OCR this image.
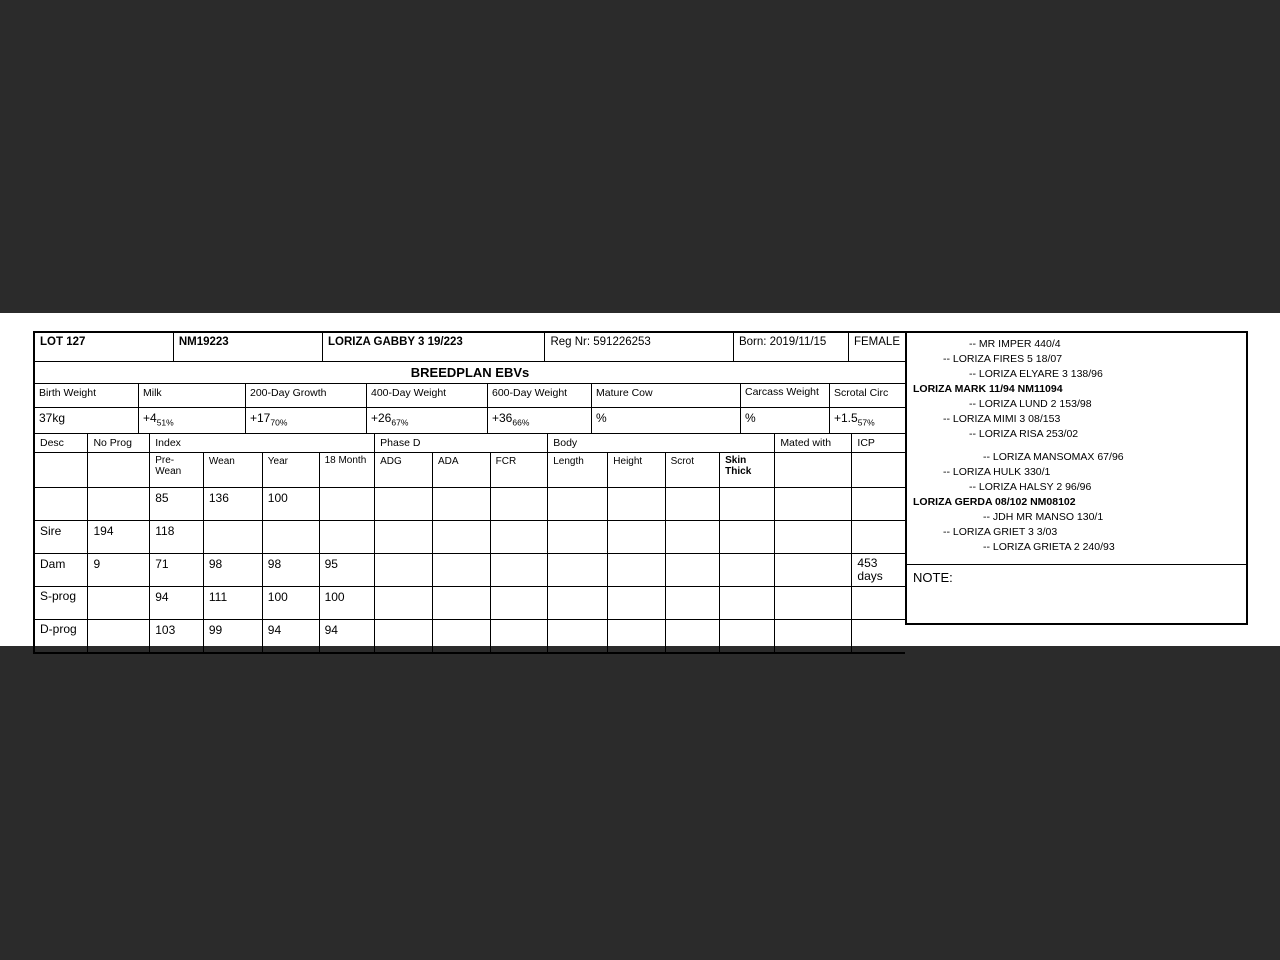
LOT 127	NM19223	LORIZA GABBY 3 19/223	Reg Nr: 591226253	Born: 2019/11/15	FEMALE
BREEDPLAN EBVs
Birth Weight	Milk	200-Day Growth	400-Day Weight	600-Day Weight	Mature Cow	Carcass Weight	Scrotal Circ
37kg	$+4_{51\%}$	$+17_{70\%}$	$+26_{67\%}$	$+36_{66\%}$	%	%	$+1.5_{57\%}$
Desc	No Prog	Index				Phase D			Body				Mated with	ICP
		Pre-Wean	Wean	Year	18 Month	ADG	ADA	FCR	Length	Height	Scrot	Skin Thick		
		85	136	100										
Sire	194	118												
Dam	9	71	98	98	95									453 days
S-prog		94	111	100	100									
D-prog		103	99	94	94									
-- MR IMPER 440/4
-- LORIZA FIRES 5 18/07
-- LORIZA ELYARE 3 138/96
LORIZA MARK 11/94 NM11094
-- LORIZA LUND 2 153/98
-- LORIZA MIMI 3 08/153
-- LORIZA RISA 253/02
-- LORIZA MANSOMAX 67/96
-- LORIZA HULK 330/1
-- LORIZA HALSY 2 96/96
LORIZA GERDA 08/102 NM08102
-- JDH MR MANSO 130/1
-- LORIZA GRIET 3 3/03
-- LORIZA GRIETA 2 240/93
NOTE:
